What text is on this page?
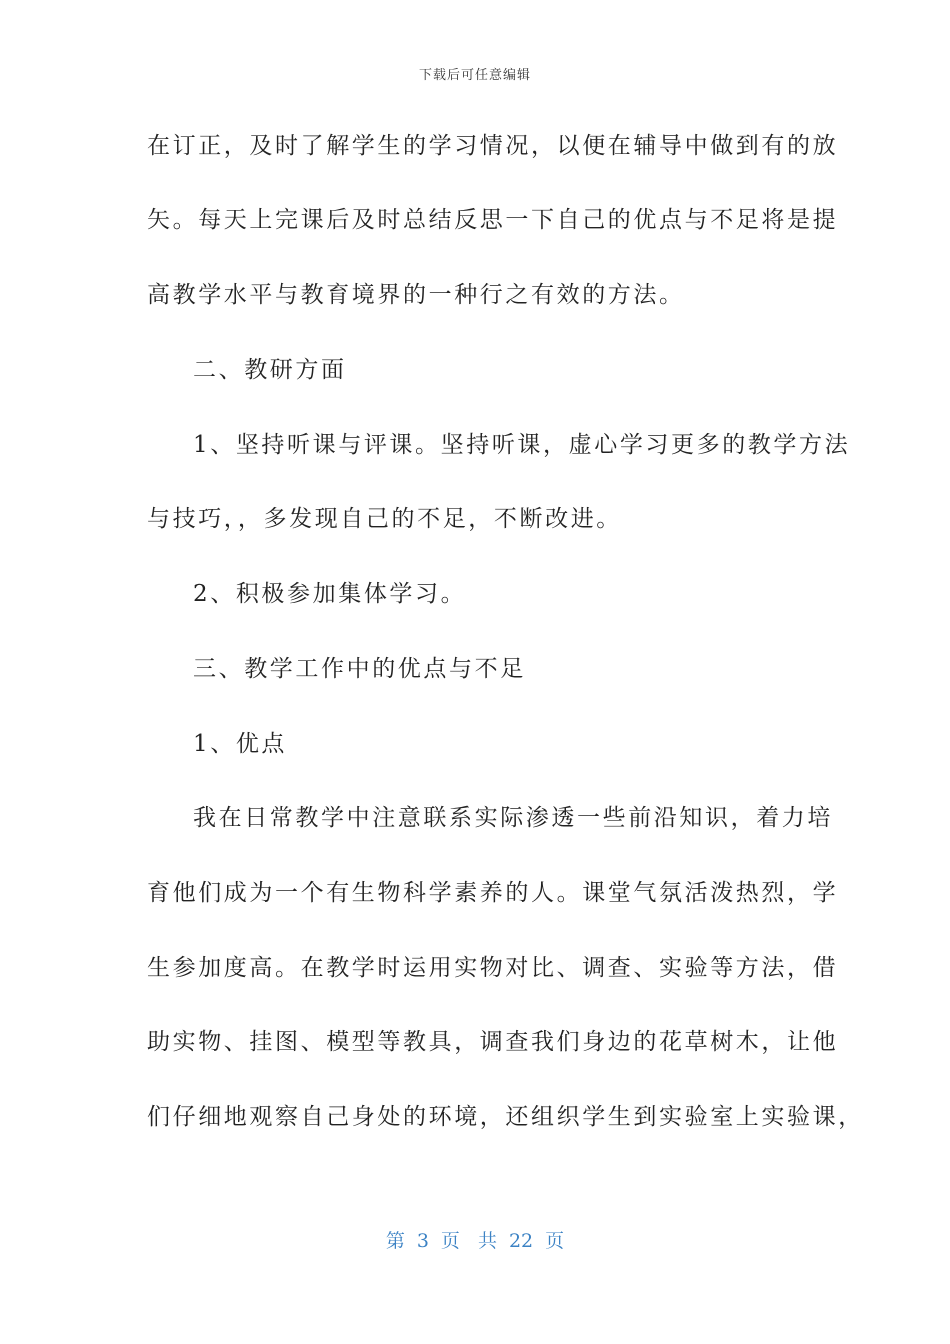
下载后可任意编辑
在订正，及时了解学生的学习情况，以便在辅导中做到有的放
矢。每天上完课后及时总结反思一下自己的优点与不足将是提
高教学水平与教育境界的一种行之有效的方法。
二、教研方面
1、坚持听课与评课。坚持听课，虚心学习更多的教学方法
与技巧，，多发现自己的不足，不断改进。
2、积极参加集体学习。
三、教学工作中的优点与不足
1、优点
我在日常教学中注意联系实际渗透一些前沿知识，着力培
育他们成为一个有生物科学素养的人。课堂气氛活泼热烈，学
生参加度高。在教学时运用实物对比、调查、实验等方法，借
助实物、挂图、模型等教具，调查我们身边的花草树木，让他
们仔细地观察自己身处的环境，还组织学生到实验室上实验课，
第 3 页 共 22 页
